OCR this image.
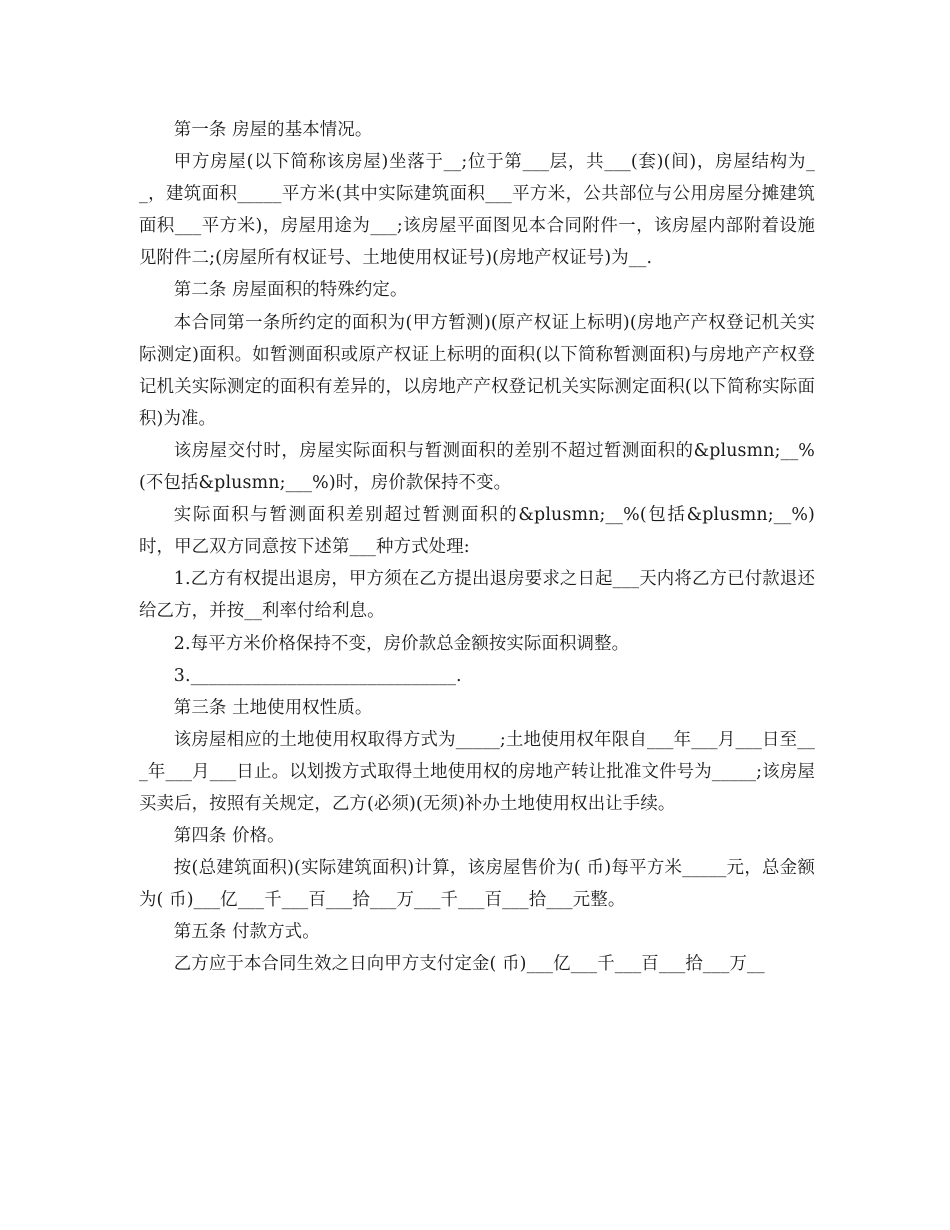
第一条 房屋的基本情况。

甲方房屋(以下简称该房屋)坐落于__;位于第___层，共___(套)(间)，房屋结构为__，建筑面积_____平方米(其中实际建筑面积___平方米，公共部位与公用房屋分摊建筑面积___平方米)，房屋用途为___;该房屋平面图见本合同附件一，该房屋内部附着设施见附件二;(房屋所有权证号、土地使用权证号)(房地产权证号)为__.

第二条 房屋面积的特殊约定。

本合同第一条所约定的面积为(甲方暂测)(原产权证上标明)(房地产产权登记机关实际测定)面积。如暂测面积或原产权证上标明的面积(以下简称暂测面积)与房地产产权登记机关实际测定的面积有差异的，以房地产产权登记机关实际测定面积(以下简称实际面积)为准。

该房屋交付时，房屋实际面积与暂测面积的差别不超过暂测面积的&plusmn;__%(不包括&plusmn;___%)时，房价款保持不变。

实际面积与暂测面积差别超过暂测面积的&plusmn;__%(包括&plusmn;__%)时，甲乙双方同意按下述第___种方式处理:

1.乙方有权提出退房，甲方须在乙方提出退房要求之日起___天内将乙方已付款退还给乙方，并按__利率付给利息。

2.每平方米价格保持不变，房价款总金额按实际面积调整。

3.______________________________.

第三条 土地使用权性质。

该房屋相应的土地使用权取得方式为_____;土地使用权年限自___年___月___日至___年___月___日止。以划拨方式取得土地使用权的房地产转让批准文件号为_____;该房屋买卖后，按照有关规定，乙方(必须)(无须)补办土地使用权出让手续。

第四条 价格。

按(总建筑面积)(实际建筑面积)计算，该房屋售价为( 币)每平方米_____元，总金额为( 币)___亿___千___百___拾___万___千___百___拾___元整。

第五条 付款方式。

乙方应于本合同生效之日向甲方支付定金( 币)___亿___千___百___拾___万__
